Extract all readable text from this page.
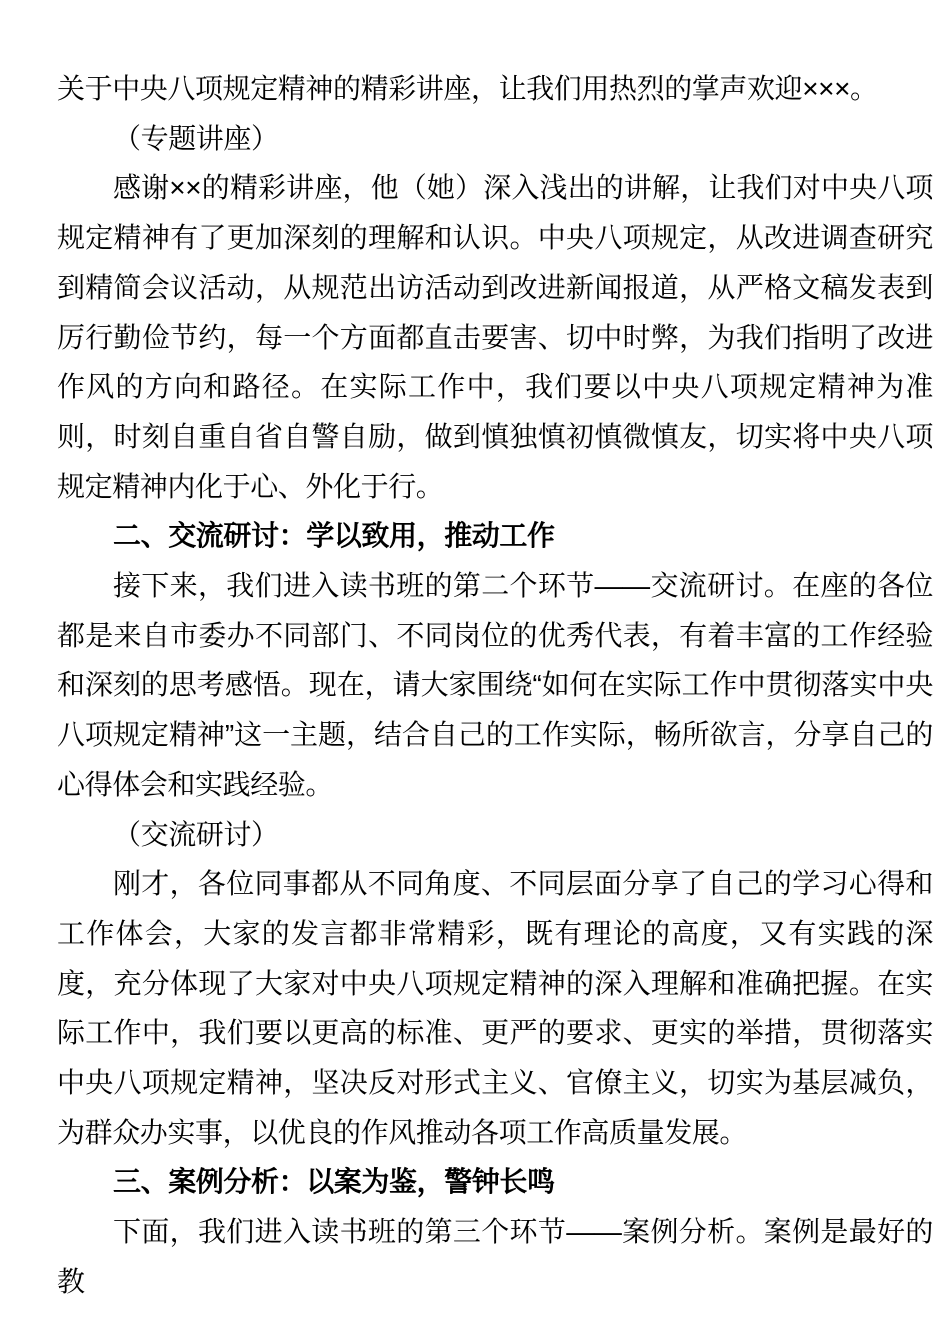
关于中央八项规定精神的精彩讲座，让我们用热烈的掌声欢迎×××。

（专题讲座）

感谢××的精彩讲座，他（她）深入浅出的讲解，让我们对中央八项规定精神有了更加深刻的理解和认识。中央八项规定，从改进调查研究到精简会议活动，从规范出访活动到改进新闻报道，从严格文稿发表到厉行勤俭节约，每一个方面都直击要害、切中时弊，为我们指明了改进作风的方向和路径。在实际工作中，我们要以中央八项规定精神为准则，时刻自重自省自警自励，做到慎独慎初慎微慎友，切实将中央八项规定精神内化于心、外化于行。

二、交流研讨：学以致用，推动工作

接下来，我们进入读书班的第二个环节——交流研讨。在座的各位都是来自市委办不同部门、不同岗位的优秀代表，有着丰富的工作经验和深刻的思考感悟。现在，请大家围绕“如何在实际工作中贯彻落实中央八项规定精神”这一主题，结合自己的工作实际，畅所欲言，分享自己的心得体会和实践经验。

（交流研讨）

刚才，各位同事都从不同角度、不同层面分享了自己的学习心得和工作体会，大家的发言都非常精彩，既有理论的高度，又有实践的深度，充分体现了大家对中央八项规定精神的深入理解和准确把握。在实际工作中，我们要以更高的标准、更严的要求、更实的举措，贯彻落实中央八项规定精神，坚决反对形式主义、官僚主义，切实为基层减负，为群众办实事，以优良的作风推动各项工作高质量发展。

三、案例分析：以案为鉴，警钟长鸣

下面，我们进入读书班的第三个环节——案例分析。案例是最好的教
